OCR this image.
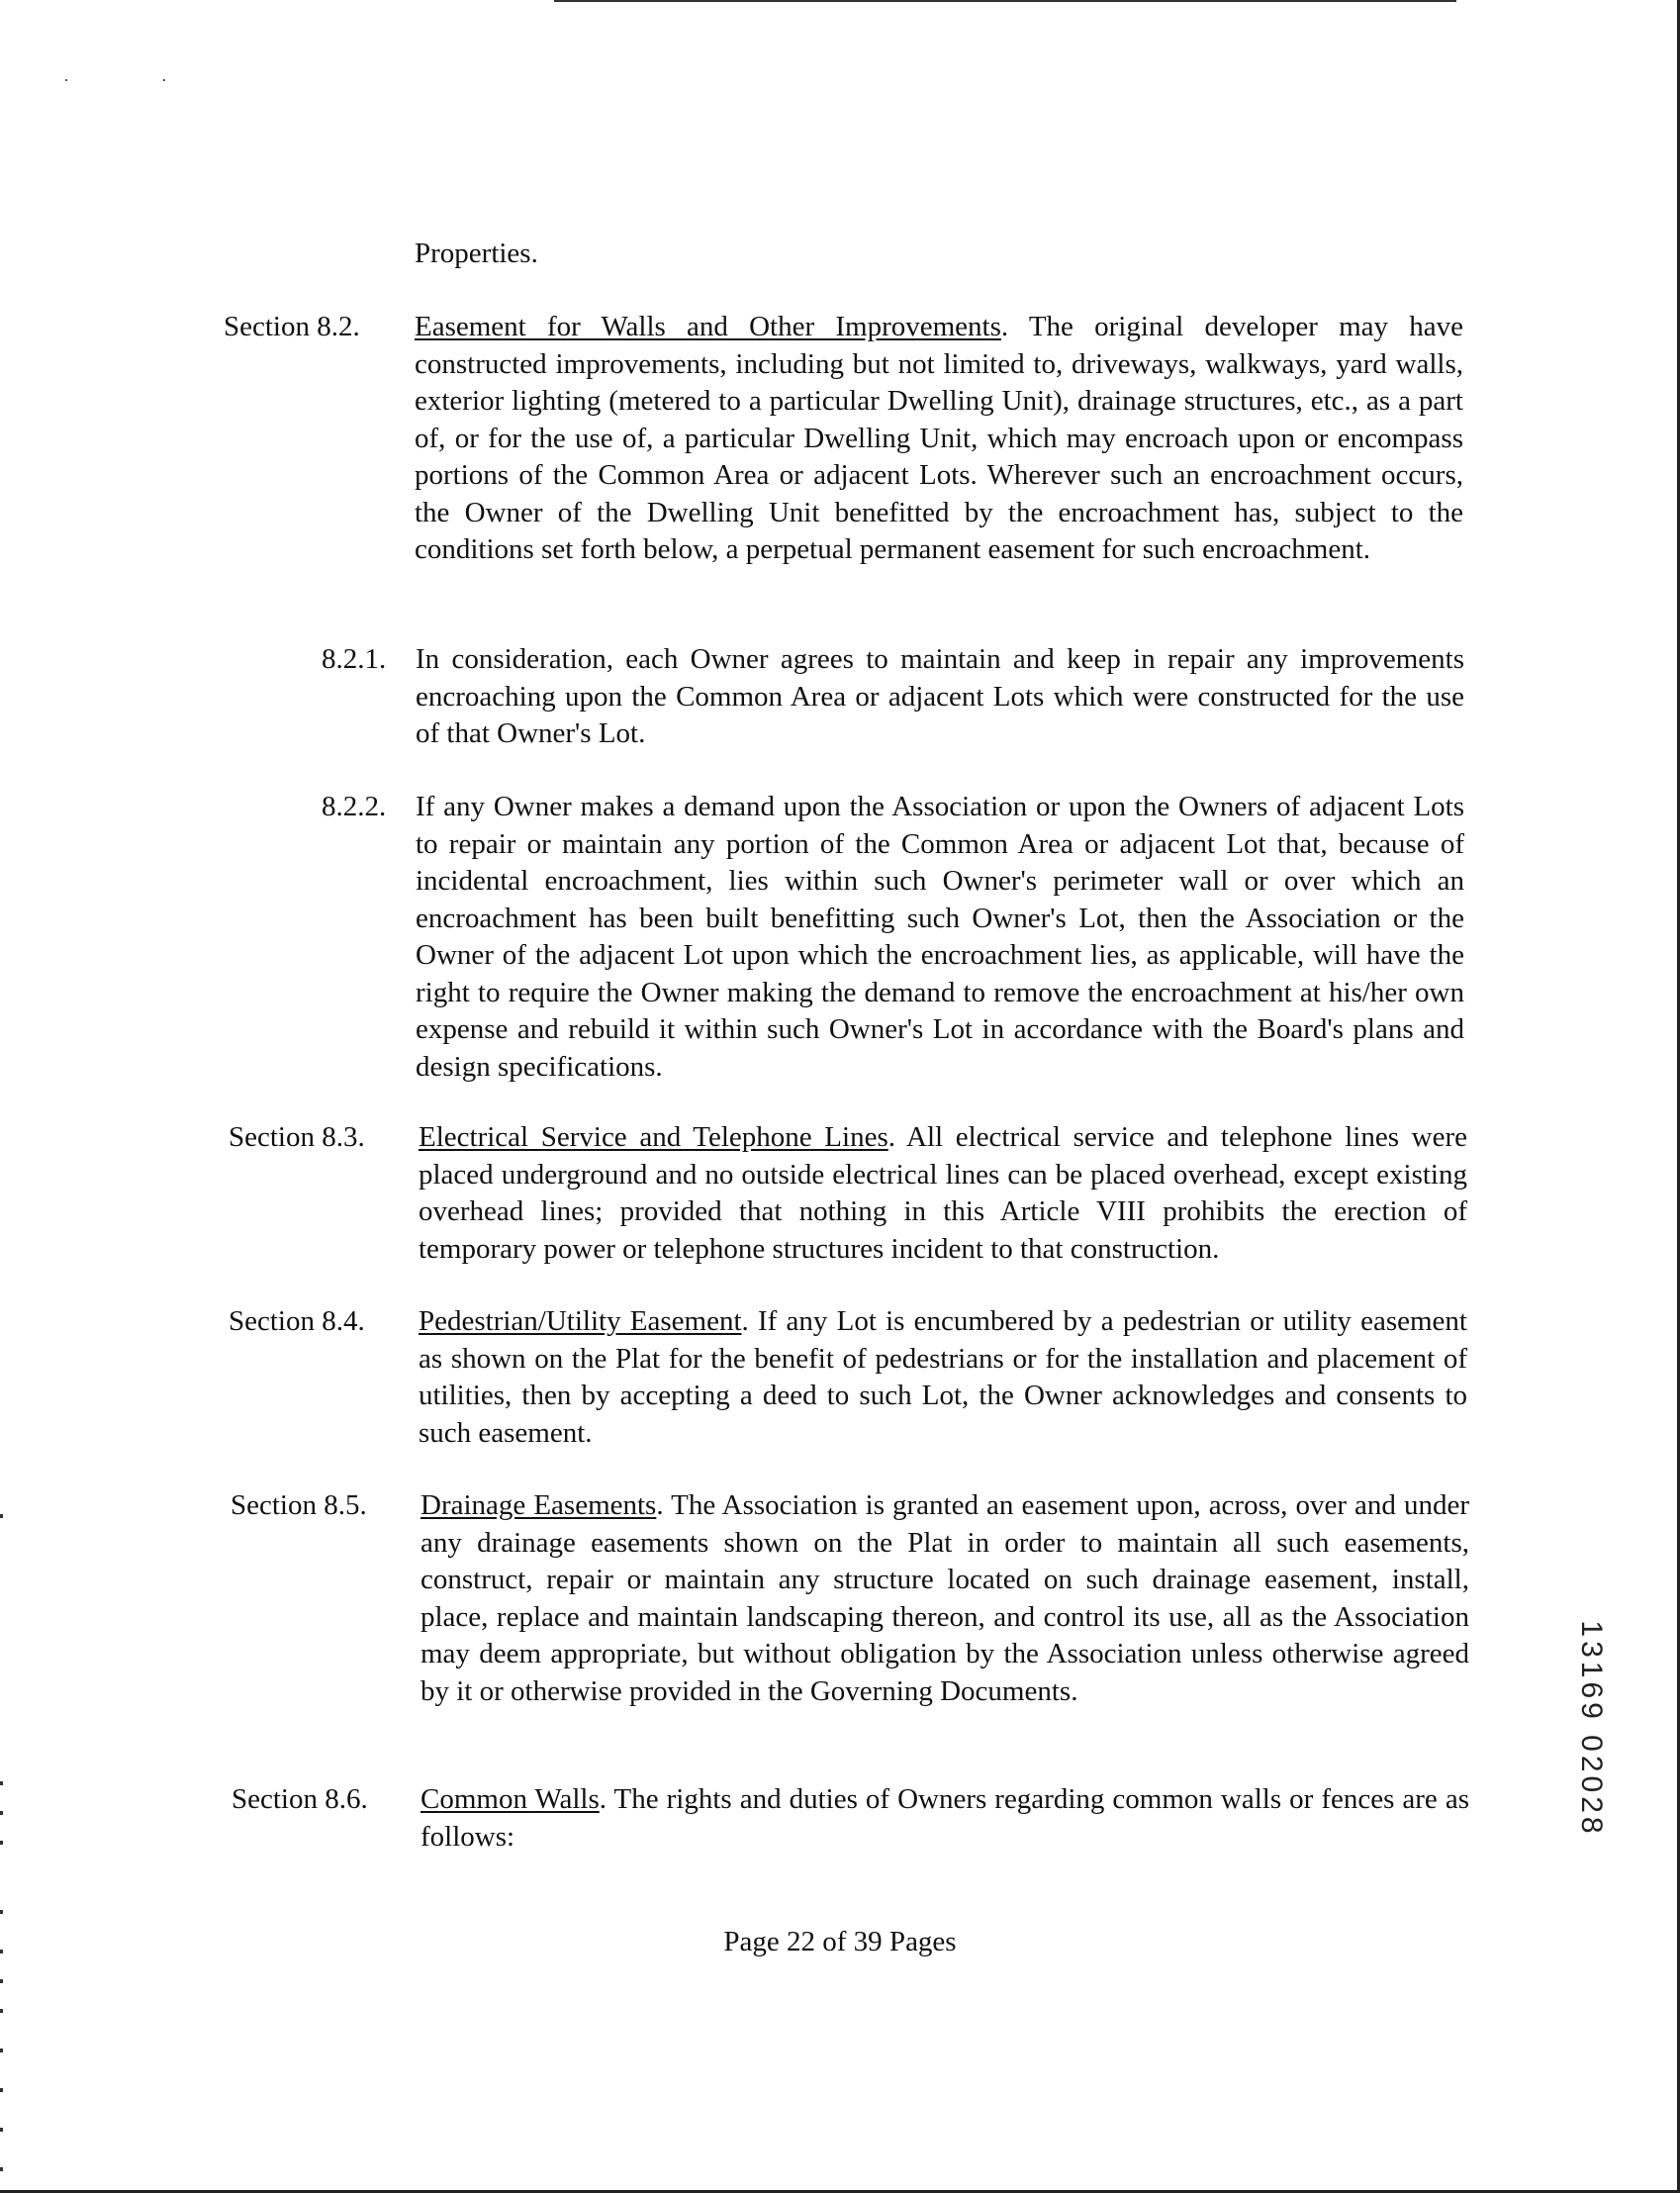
Properties.

Section 8.2. Easement for Walls and Other Improvements. The original developer may have constructed improvements, including but not limited to, driveways, walkways, yard walls, exterior lighting (metered to a particular Dwelling Unit), drainage structures, etc., as a part of, or for the use of, a particular Dwelling Unit, which may encroach upon or encompass portions of the Common Area or adjacent Lots. Wherever such an encroachment occurs, the Owner of the Dwelling Unit benefitted by the encroachment has, subject to the conditions set forth below, a perpetual permanent easement for such encroachment.

8.2.1. In consideration, each Owner agrees to maintain and keep in repair any improvements encroaching upon the Common Area or adjacent Lots which were constructed for the use of that Owner's Lot.

8.2.2. If any Owner makes a demand upon the Association or upon the Owners of adjacent Lots to repair or maintain any portion of the Common Area or adjacent Lot that, because of incidental encroachment, lies within such Owner's perimeter wall or over which an encroachment has been built benefitting such Owner's Lot, then the Association or the Owner of the adjacent Lot upon which the encroachment lies, as applicable, will have the right to require the Owner making the demand to remove the encroachment at his/her own expense and rebuild it within such Owner's Lot in accordance with the Board's plans and design specifications.

Section 8.3. Electrical Service and Telephone Lines. All electrical service and telephone lines were placed underground and no outside electrical lines can be placed overhead, except existing overhead lines; provided that nothing in this Article VIII prohibits the erection of temporary power or telephone structures incident to that construction.

Section 8.4. Pedestrian/Utility Easement. If any Lot is encumbered by a pedestrian or utility easement as shown on the Plat for the benefit of pedestrians or for the installation and placement of utilities, then by accepting a deed to such Lot, the Owner acknowledges and consents to such easement.

Section 8.5. Drainage Easements. The Association is granted an easement upon, across, over and under any drainage easements shown on the Plat in order to maintain all such easements, construct, repair or maintain any structure located on such drainage easement, install, place, replace and maintain landscaping thereon, and control its use, all as the Association may deem appropriate, but without obligation by the Association unless otherwise agreed by it or otherwise provided in the Governing Documents.

Section 8.6. Common Walls. The rights and duties of Owners regarding common walls or fences are as follows:

Page 22 of 39 Pages
13169 02028
